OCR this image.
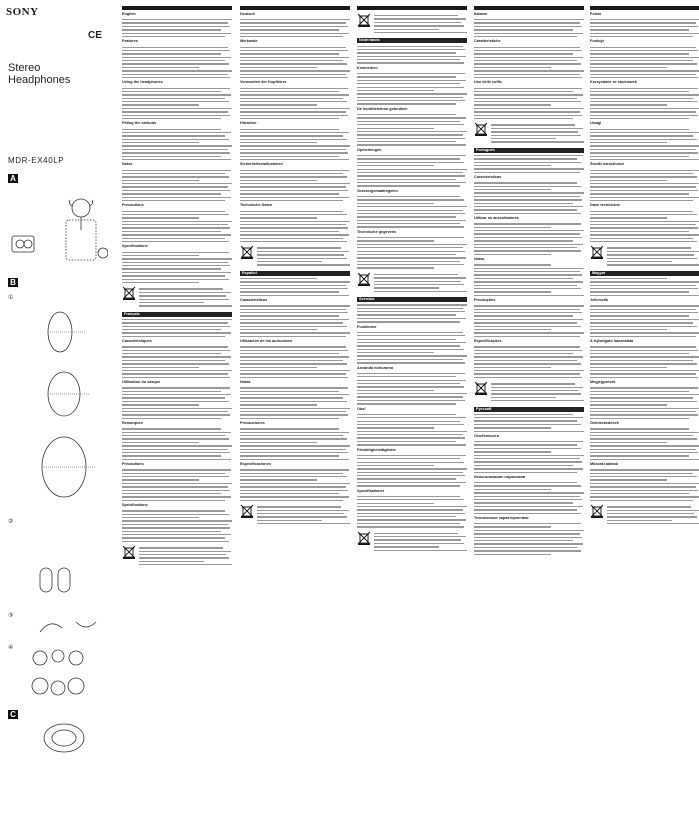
SONY
CE
Stereo
Headphones
MDR-EX40LP
A
B
①
②
③
④
C
English
Features
Using the headphones
Fitting the earbuds
Notes
Precautions
Specifications
Français
Caractéristiques
Utilisation du casque
Remarques
Précautions
Spécifications
Deutsch
Merkmale
Verwenden der Kopfhörer
Hinweise
Sicherheitsmaßnahmen
Technische Daten
Español
Características
Utilización de los auriculares
Notas
Precauciones
Especificaciones
Nederlands
Kenmerken
De hoofdtelefoon gebruiken
Opmerkingen
Voorzorgsmaatregelen
Technische gegevens
Svenska
Funktioner
Använda hörlurarna
Obs!
Försiktighetsåtgärder
Specifikationer
Italiano
Caratteristiche
Uso delle cuffie
Português
Características
Utilizar os auscultadores
Notas
Precauções
Especificações
Русский
Особенности
Использование наушников
Технические характеристики
Polski
Funkcje
Korzystanie ze słuchawek
Uwagi
Środki ostrożności
Dane techniczne
Magyar
Jellemzők
A fejhallgató használata
Megjegyzések
Óvintézkedések
Műszaki adatok
